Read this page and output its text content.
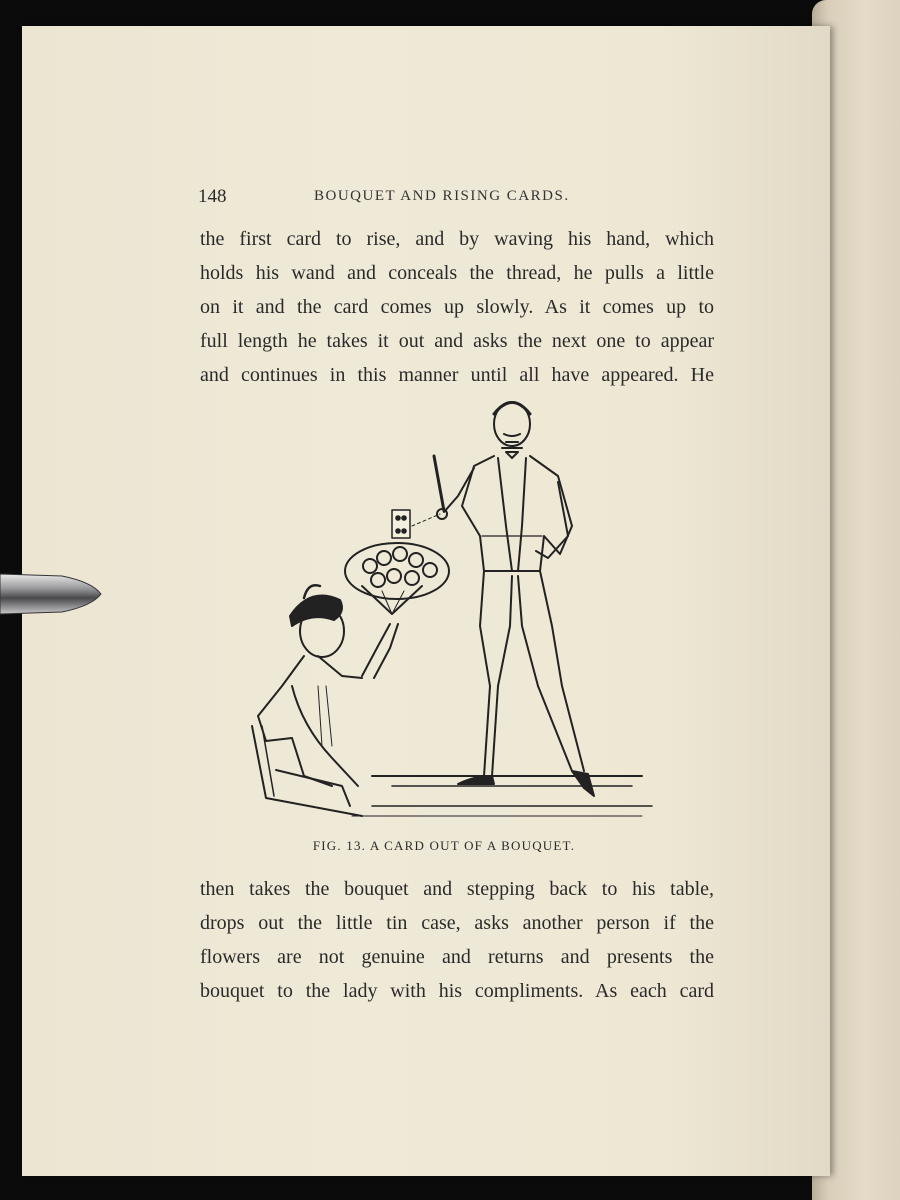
148	BOUQUET AND RISING CARDS.
the first card to rise, and by waving his hand, which
holds his wand and conceals the thread, he pulls a little
on it and the card comes up slowly. As it comes up to
full length he takes it out and asks the next one to appear
and continues in this manner until all have appeared. He
FIG. 13. A CARD OUT OF A BOUQUET.
then takes the bouquet and stepping back to his table,
drops out the little tin case, asks another person if the
flowers are not genuine and returns and presents the
bouquet to the lady with his compliments. As each card
